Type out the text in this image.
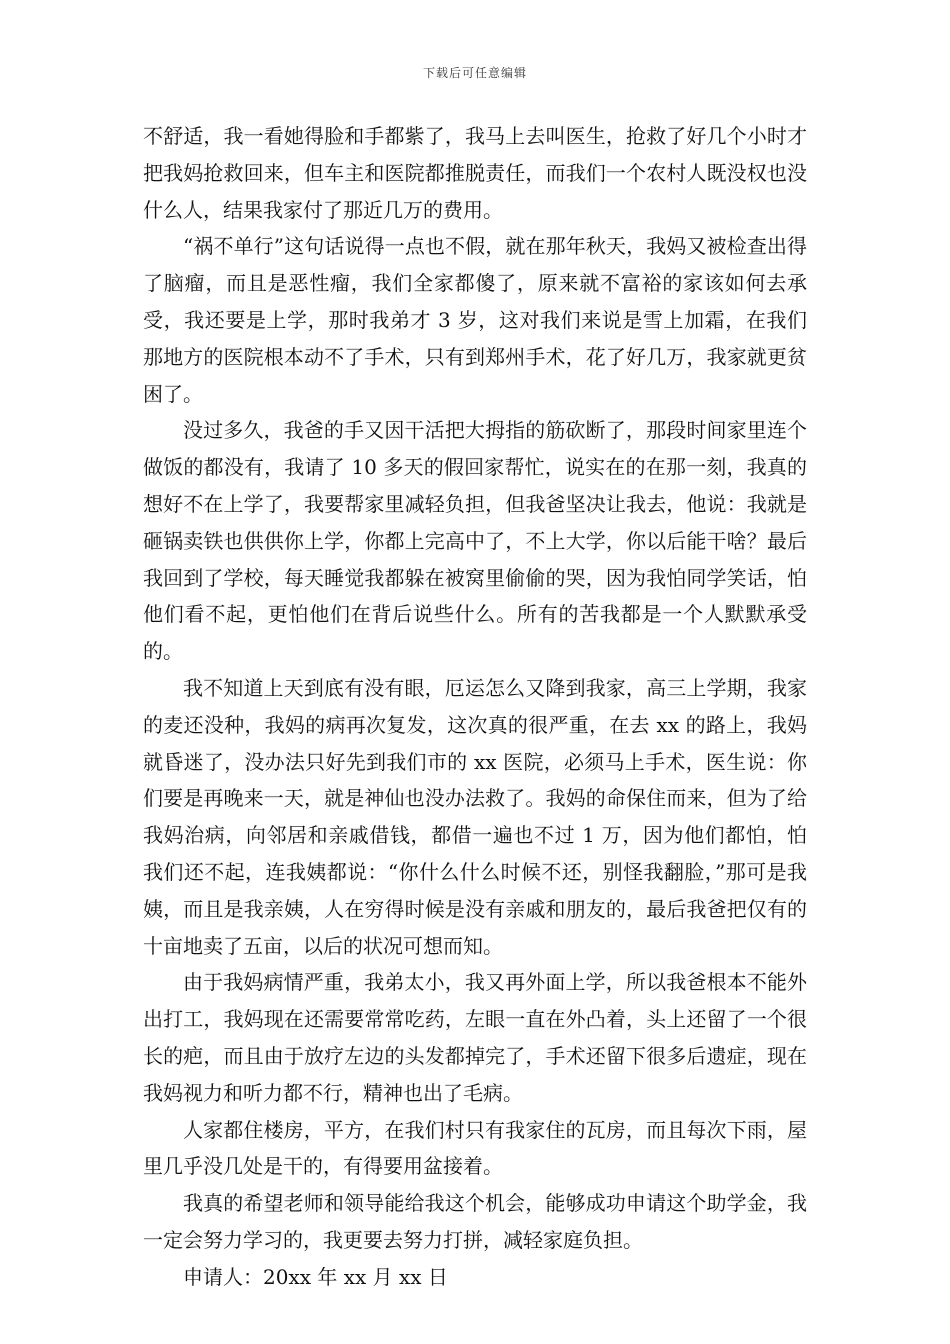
下载后可任意编辑

不舒适，我一看她得脸和手都紫了，我马上去叫医生，抢救了好几个小时才把我妈抢救回来，但车主和医院都推脱责任，而我们一个农村人既没权也没什么人，结果我家付了那近几万的费用。

“祸不单行”这句话说得一点也不假，就在那年秋天，我妈又被检查出得了脑瘤，而且是恶性瘤，我们全家都傻了，原来就不富裕的家该如何去承受，我还要是上学，那时我弟才 3 岁，这对我们来说是雪上加霜，在我们那地方的医院根本动不了手术，只有到郑州手术，花了好几万，我家就更贫困了。

没过多久，我爸的手又因干活把大拇指的筋砍断了，那段时间家里连个做饭的都没有，我请了 10 多天的假回家帮忙，说实在的在那一刻，我真的想好不在上学了，我要帮家里减轻负担，但我爸坚决让我去，他说：我就是砸锅卖铁也供供你上学，你都上完高中了，不上大学，你以后能干啥？最后我回到了学校，每天睡觉我都躲在被窝里偷偷的哭，因为我怕同学笑话，怕他们看不起，更怕他们在背后说些什么。所有的苦我都是一个人默默承受的。

我不知道上天到底有没有眼，厄运怎么又降到我家，高三上学期，我家的麦还没种，我妈的病再次复发，这次真的很严重，在去 xx 的路上，我妈就昏迷了，没办法只好先到我们市的 xx 医院，必须马上手术，医生说：你们要是再晚来一天，就是神仙也没办法救了。我妈的命保住而来，但为了给我妈治病，向邻居和亲戚借钱，都借一遍也不过 1 万，因为他们都怕，怕我们还不起，连我姨都说：“你什么什么时候不还，别怪我翻脸，”那可是我姨，而且是我亲姨，人在穷得时候是没有亲戚和朋友的，最后我爸把仅有的十亩地卖了五亩，以后的状况可想而知。

由于我妈病情严重，我弟太小，我又再外面上学，所以我爸根本不能外出打工，我妈现在还需要常常吃药，左眼一直在外凸着，头上还留了一个很长的疤，而且由于放疗左边的头发都掉完了，手术还留下很多后遗症，现在我妈视力和听力都不行，精神也出了毛病。

人家都住楼房，平方，在我们村只有我家住的瓦房，而且每次下雨，屋里几乎没几处是干的，有得要用盆接着。

我真的希望老师和领导能给我这个机会，能够成功申请这个助学金，我一定会努力学习的，我更要去努力打拼，减轻家庭负担。

申请人：20xx 年 xx 月 xx 日
